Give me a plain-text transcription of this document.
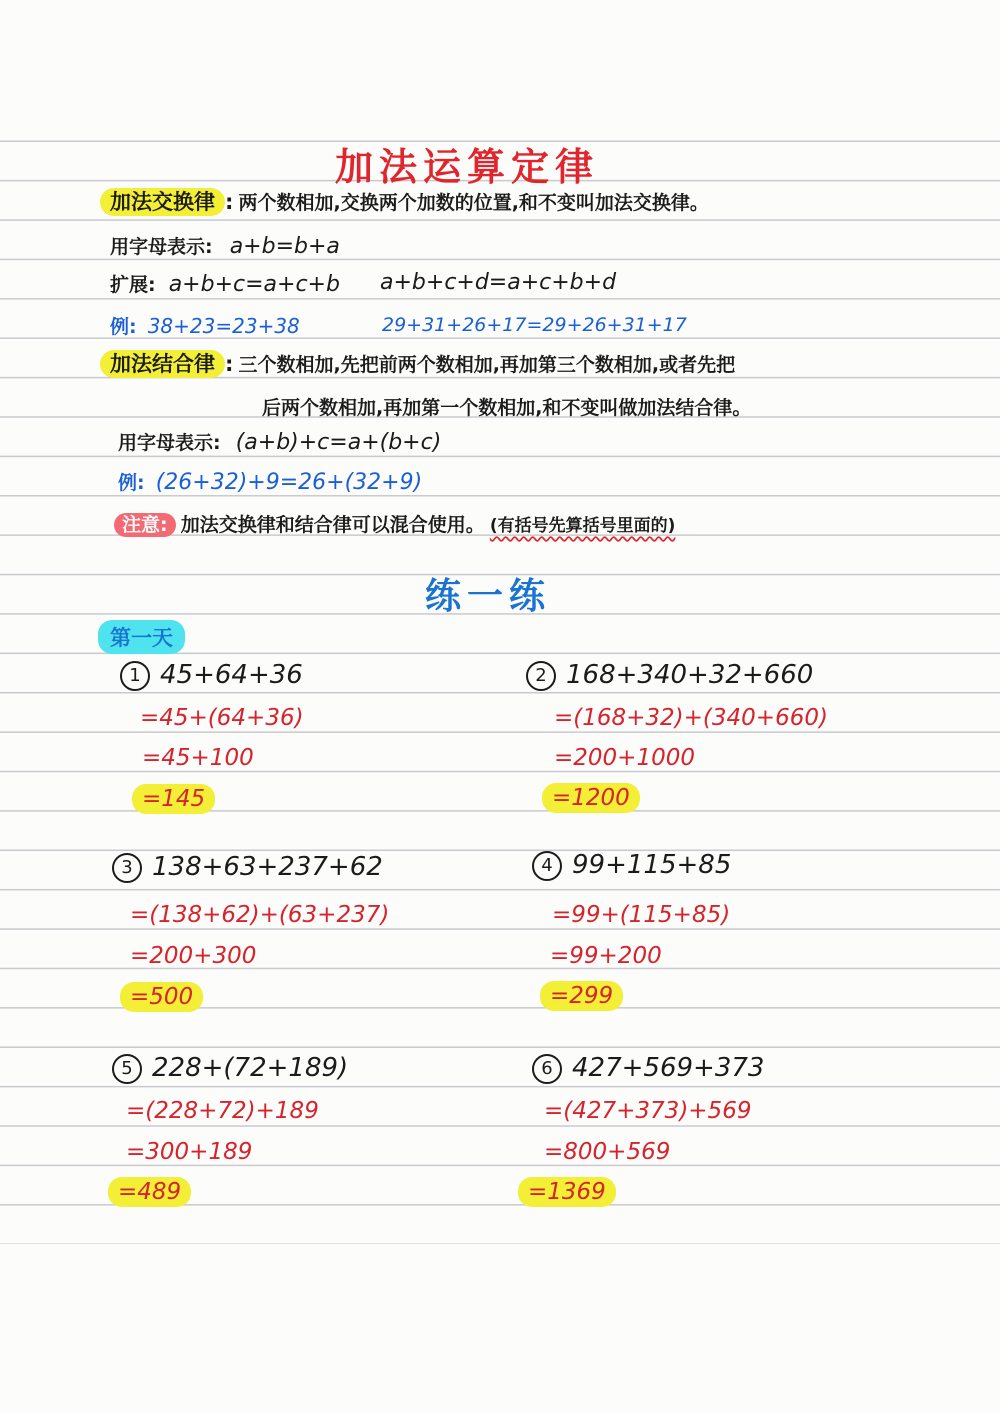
加法运算定律
加法交换律 : 两个数相加,交换两个加数的位置,和不变叫加法交换律。
用字母表示: a+b=b+a
扩展: a+b+c=a+c+b a+b+c+d=a+c+b+d
例: 38+23=23+38	29+31+26+17=29+26+31+17
加法结合律 : 三个数相加,先把前两个数相加,再加第三个数相加,或者先把
后两个数相加,再加第一个数相加,和不变叫做加法结合律。
用字母表示: (a+b)+c=a+(b+c)
例: (26+32)+9=26+(32+9)
注意: 加法交换律和结合律可以混合使用。 (有括号先算括号里面的)
练一练
第一天
1 45+64+36
=45+(64+36)
=45+100
=145
2 168+340+32+660
=(168+32)+(340+660)
=200+1000
=1200
3 138+63+237+62
=(138+62)+(63+237)
=200+300
=500
4 99+115+85
=99+(115+85)
=99+200
=299
5 228+(72+189)
=(228+72)+189
=300+189
=489
6 427+569+373
=(427+373)+569
=800+569
=1369
